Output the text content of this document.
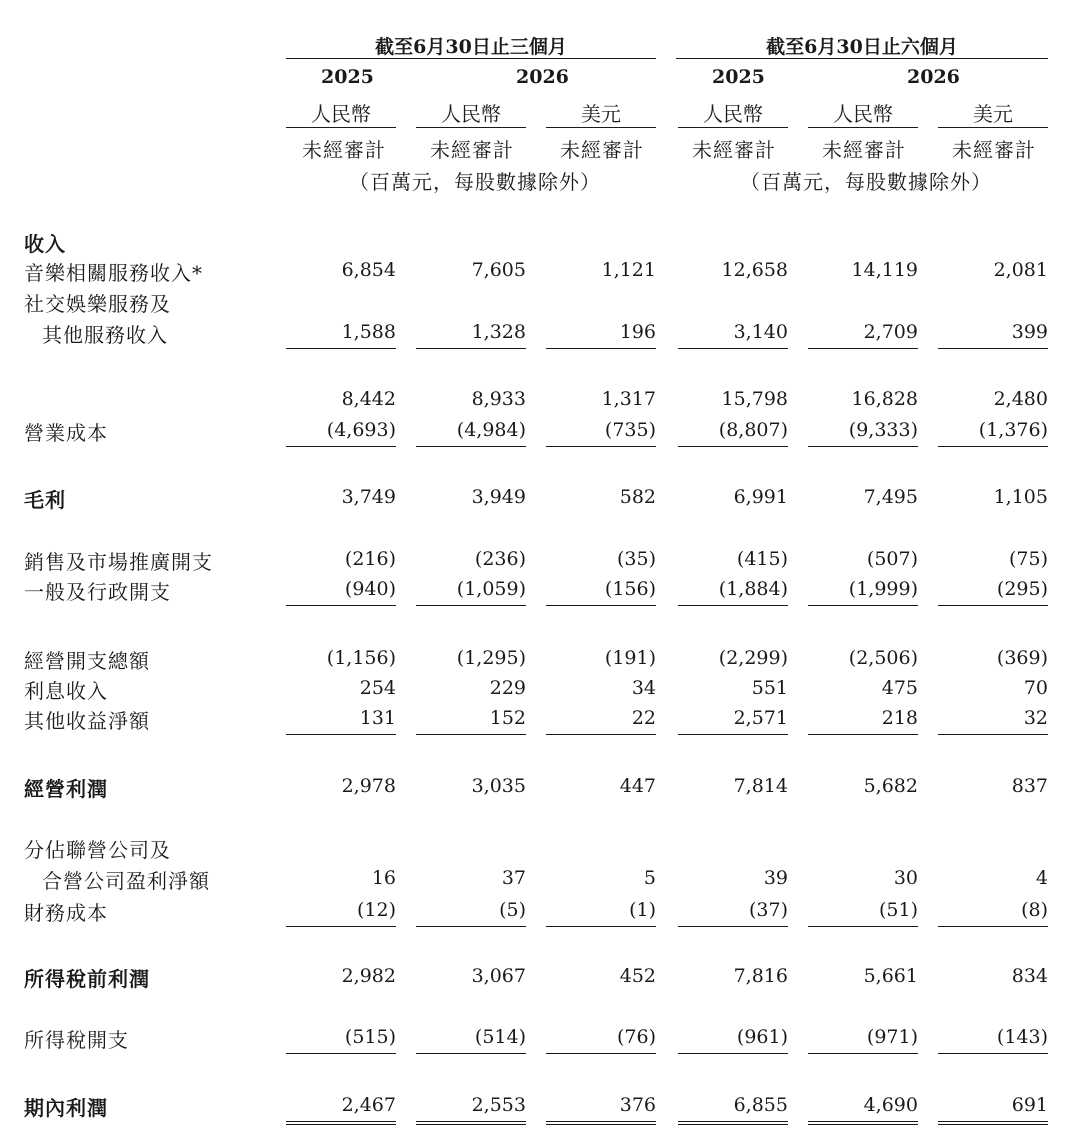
截至6月30日止三個月	截至6月30日止六個月
2025	2026	2025	2026
人民幣	人民幣	美元	人民幣	人民幣	美元
未經審計	未經審計	未經審計	未經審計	未經審計	未經審計
（百萬元，每股數據除外）	（百萬元，每股數據除外）
收入
音樂相關服務收入*	6,854	7,605	1,121	12,658	14,119	2,081
社交娛樂服務及
其他服務收入	1,588	1,328	196	3,140	2,709	399
8,442	8,933	1,317	15,798	16,828	2,480
營業成本	(4,693)	(4,984)	(735)	(8,807)	(9,333)	(1,376)
毛利	3,749	3,949	582	6,991	7,495	1,105
銷售及市場推廣開支	(216)	(236)	(35)	(415)	(507)	(75)
一般及行政開支	(940)	(1,059)	(156)	(1,884)	(1,999)	(295)
經營開支總額	(1,156)	(1,295)	(191)	(2,299)	(2,506)	(369)
利息收入	254	229	34	551	475	70
其他收益淨額	131	152	22	2,571	218	32
經營利潤	2,978	3,035	447	7,814	5,682	837
分佔聯營公司及
合營公司盈利淨額	16	37	5	39	30	4
財務成本	(12)	(5)	(1)	(37)	(51)	(8)
所得稅前利潤	2,982	3,067	452	7,816	5,661	834
所得稅開支	(515)	(514)	(76)	(961)	(971)	(143)
期內利潤	2,467	2,553	376	6,855	4,690	691
